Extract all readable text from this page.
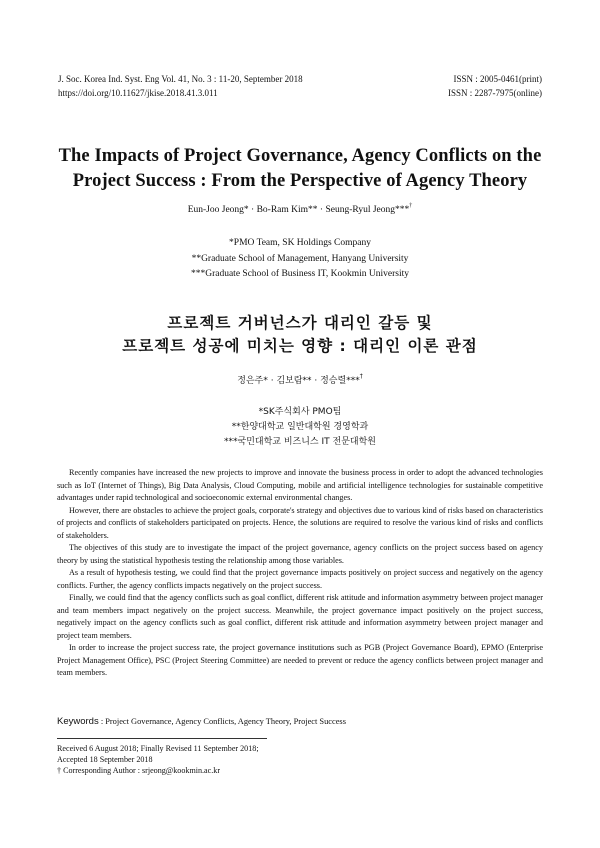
J. Soc. Korea Ind. Syst. Eng Vol. 41, No. 3 : 11-20, September 2018	ISSN : 2005-0461(print)
https://doi.org/10.11627/jkise.2018.41.3.011	ISSN : 2287-7975(online)
The Impacts of Project Governance, Agency Conflicts on the
Project Success : From the Perspective of Agency Theory
Eun-Joo Jeong* · Bo-Ram Kim** · Seung-Ryul Jeong***†
*PMO Team, SK Holdings Company
**Graduate School of Management, Hanyang University
***Graduate School of Business IT, Kookmin University
프로젝트 거버넌스가 대리인 갈등 및
프로젝트 성공에 미치는 영향 : 대리인 이론 관점
정은주* · 김보람** · 정승렬***†
*SK주식회사 PMO팀
**한양대학교 일반대학원 경영학과
***국민대학교 비즈니스 IT 전문대학원

Recently companies have increased the new projects to improve and innovate the business process in order to adopt the advanced technologies such as IoT (Internet of Things), Big Data Analysis, Cloud Computing, mobile and artificial intelligence technologies for sustainable competitive advantages under rapid technological and socioeconomic external environmental changes.

However, there are obstacles to achieve the project goals, corporate's strategy and objectives due to various kind of risks based on characteristics of projects and conflicts of stakeholders participated on projects. Hence, the solutions are required to resolve the various kind of risks and conflicts of stakeholders.

The objectives of this study are to investigate the impact of the project governance, agency conflicts on the project success based on agency theory by using the statistical hypothesis testing the relationship among those variables.

As a result of hypothesis testing, we could find that the project governance impacts positively on project success and negatively on the agency conflicts. Further, the agency conflicts impacts negatively on the project success.

Finally, we could find that the agency conflicts such as goal conflict, different risk attitude and information asymmetry between project manager and team members impact negatively on the project success. Meanwhile, the project governance impact positively on the project success, negatively impact on the agency conflicts such as goal conflict, different risk attitude and information asymmetry between project manager and project team members.

In order to increase the project success rate, the project governance institutions such as PGB (Project Governance Board), EPMO (Enterprise Project Management Office), PSC (Project Steering Committee) are needed to prevent or reduce the agency conflicts between project manager and team members.

Keywords : Project Governance, Agency Conflicts, Agency Theory, Project Success
Received 6 August 2018; Finally Revised 11 September 2018;
Accepted 18 September 2018
† Corresponding Author : srjeong@kookmin.ac.kr
